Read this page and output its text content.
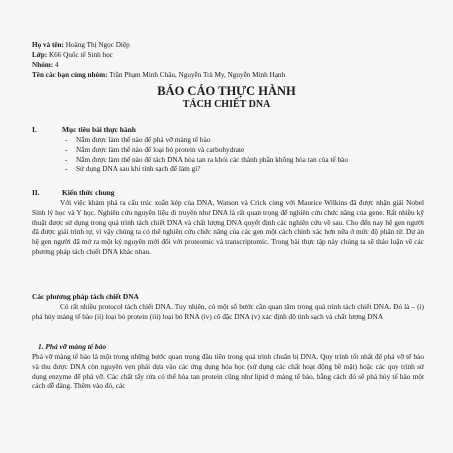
Họ và tên: Hoàng Thị Ngọc Diệp
Lớp: K66 Quốc tế Sinh học
Nhóm: 4
Tên các bạn cùng nhóm: Trần Phạm Minh Châu, Nguyễn Trà My, Nguyễn Minh Hạnh
BÁO CÁO THỰC HÀNH
TÁCH CHIẾT DNA
I.	Mục tiêu bài thực hành
- Nắm được làm thế nào để phá vỡ màng tế bào
- Nắm được làm thế nào để loại bỏ protein và carbohydrate
- Nắm được làm thế nào để tách DNA hòa tan ra khỏi các thành phần không hòa tan của tế bào
- Sử dụng DNA sau khi tinh sạch để làm gì?
II.	Kiến thức chung
Với việc khám phá ra cấu trúc xoắn kép của DNA, Watson và Crick cùng với Maurice Wilkins đã được nhận giải Nobel Sinh lý học và Y học. Nghiên cứu nguyên liệu di truyền như DNA là rất quan trọng để nghiên cứu chức năng của gene. Rất nhiều kỹ thuật được sử dụng trong quá trình tách chiết DNA và chất lượng DNA quyết định các nghiên cứu về sau. Cho đến nay hệ gen người đã được giải trình tự, vì vậy chúng ta có thể nghiên cứu chức năng của các gen một cách chính xác hơn nữa ở mức độ phân tử. Dự án hệ gen người đã mở ra một kỷ nguyên mới đối với proteomic và transcriptomic. Trong bài thực tập này chúng ta sẽ thảo luận về các phương pháp tách chiết DNA khác nhau.
Các phương pháp tách chiết DNA
Có rất nhiều protocol tách chiết DNA. Tuy nhiên, có một số bước cần quan tâm trong quá trình tách chiết DNA. Đó là – (i) phá hủy màng tế bào (ii) loại bỏ protein (iii) loại bỏ RNA (iv) cô đặc DNA (v) xác định độ tinh sạch và chất lượng DNA
1. Phá vỡ màng tế bào
Phá vỡ màng tế bào là một trong những bước quan trọng đầu tiên trong quá trình chuẩn bị DNA. Quy trình tốt nhất để phá vỡ tế bào và thu được DNA còn nguyên vẹn phải dựa vào các ứng dụng hóa học (sử dụng các chất hoạt động bề mặt) hoặc các quy trình sử dụng enzyme để phá vỡ. Các chất tẩy rửa có thể hòa tan protein cũng như lipid ở màng tế bào, bằng cách đó sẽ phá hủy tế bào một cách dễ dàng. Thêm vào đó, các
